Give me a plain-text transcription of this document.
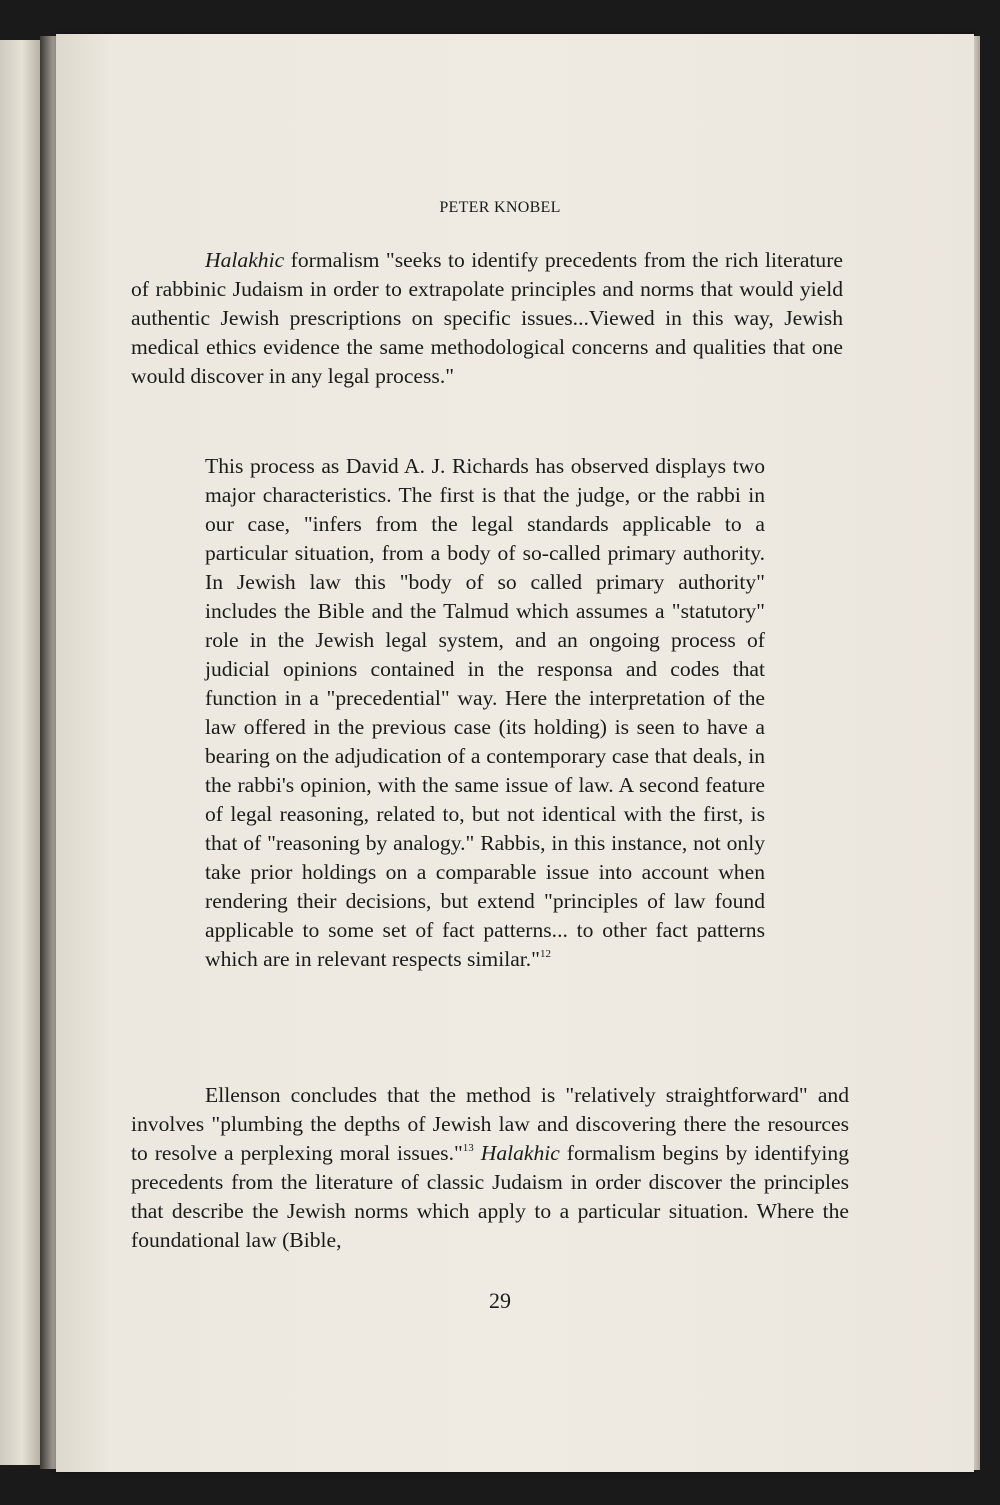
PETER KNOBEL

Halakhic formalism "seeks to identify precedents from the rich literature of rabbinic Judaism in order to extrapolate principles and norms that would yield authentic Jewish prescriptions on specific issues...Viewed in this way, Jewish medical ethics evidence the same methodological concerns and qualities that one would discover in any legal process."

This process as David A. J. Richards has observed displays two major characteristics. The first is that the judge, or the rabbi in our case, "infers from the legal standards applicable to a particular situation, from a body of so-called primary authority. In Jewish law this "body of so called primary authority" includes the Bible and the Talmud which assumes a "statutory" role in the Jewish legal system, and an ongoing process of judicial opinions contained in the responsa and codes that function in a "precedential" way. Here the interpretation of the law offered in the previous case (its holding) is seen to have a bearing on the adjudication of a contemporary case that deals, in the rabbi's opinion, with the same issue of law. A second feature of legal reasoning, related to, but not identical with the first, is that of "reasoning by analogy." Rabbis, in this instance, not only take prior holdings on a comparable issue into account when rendering their decisions, but extend "principles of law found applicable to some set of fact patterns... to other fact patterns which are in relevant respects similar."$^{12}$

Ellenson concludes that the method is "relatively straightforward" and involves "plumbing the depths of Jewish law and discovering there the resources to resolve a perplexing moral issues."$^{13}$ Halakhic formalism begins by identifying precedents from the literature of classic Judaism in order discover the principles that describe the Jewish norms which apply to a particular situation. Where the foundational law (Bible,

29
